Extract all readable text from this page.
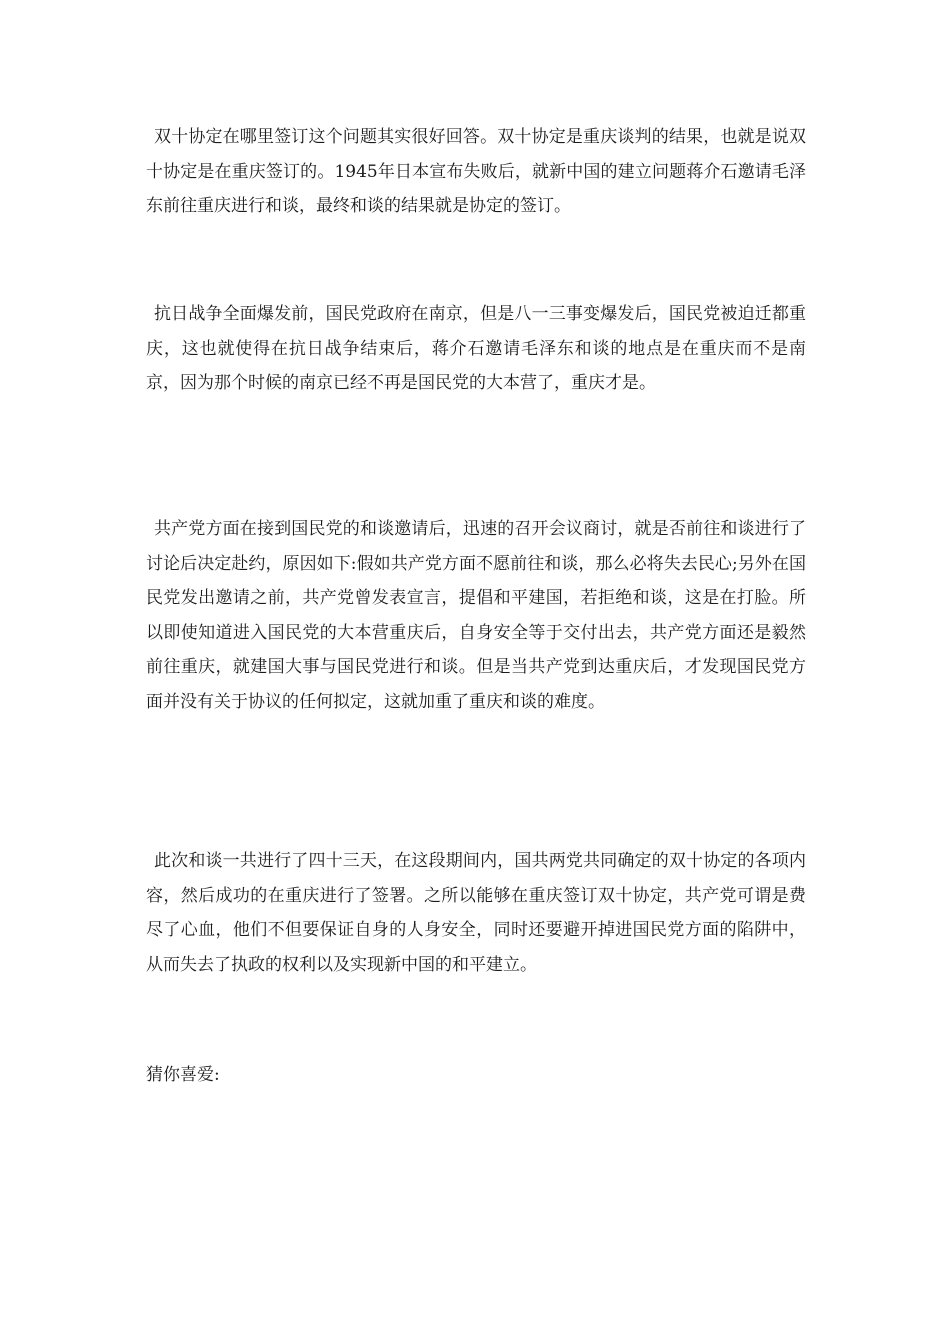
双十协定在哪里签订这个问题其实很好回答。双十协定是重庆谈判的结果，也就是说双十协定是在重庆签订的。1945年日本宣布失败后，就新中国的建立问题蒋介石邀请毛泽东前往重庆进行和谈，最终和谈的结果就是协定的签订。

抗日战争全面爆发前，国民党政府在南京，但是八一三事变爆发后，国民党被迫迁都重庆，这也就使得在抗日战争结束后，蒋介石邀请毛泽东和谈的地点是在重庆而不是南京，因为那个时候的南京已经不再是国民党的大本营了，重庆才是。

共产党方面在接到国民党的和谈邀请后，迅速的召开会议商讨，就是否前往和谈进行了讨论后决定赴约，原因如下:假如共产党方面不愿前往和谈，那么必将失去民心;另外在国民党发出邀请之前，共产党曾发表宣言，提倡和平建国，若拒绝和谈，这是在打脸。所以即使知道进入国民党的大本营重庆后，自身安全等于交付出去，共产党方面还是毅然前往重庆，就建国大事与国民党进行和谈。但是当共产党到达重庆后，才发现国民党方面并没有关于协议的任何拟定，这就加重了重庆和谈的难度。

此次和谈一共进行了四十三天，在这段期间内，国共两党共同确定的双十协定的各项内容，然后成功的在重庆进行了签署。之所以能够在重庆签订双十协定，共产党可谓是费尽了心血，他们不但要保证自身的人身安全，同时还要避开掉进国民党方面的陷阱中，从而失去了执政的权利以及实现新中国的和平建立。

猜你喜爱:
